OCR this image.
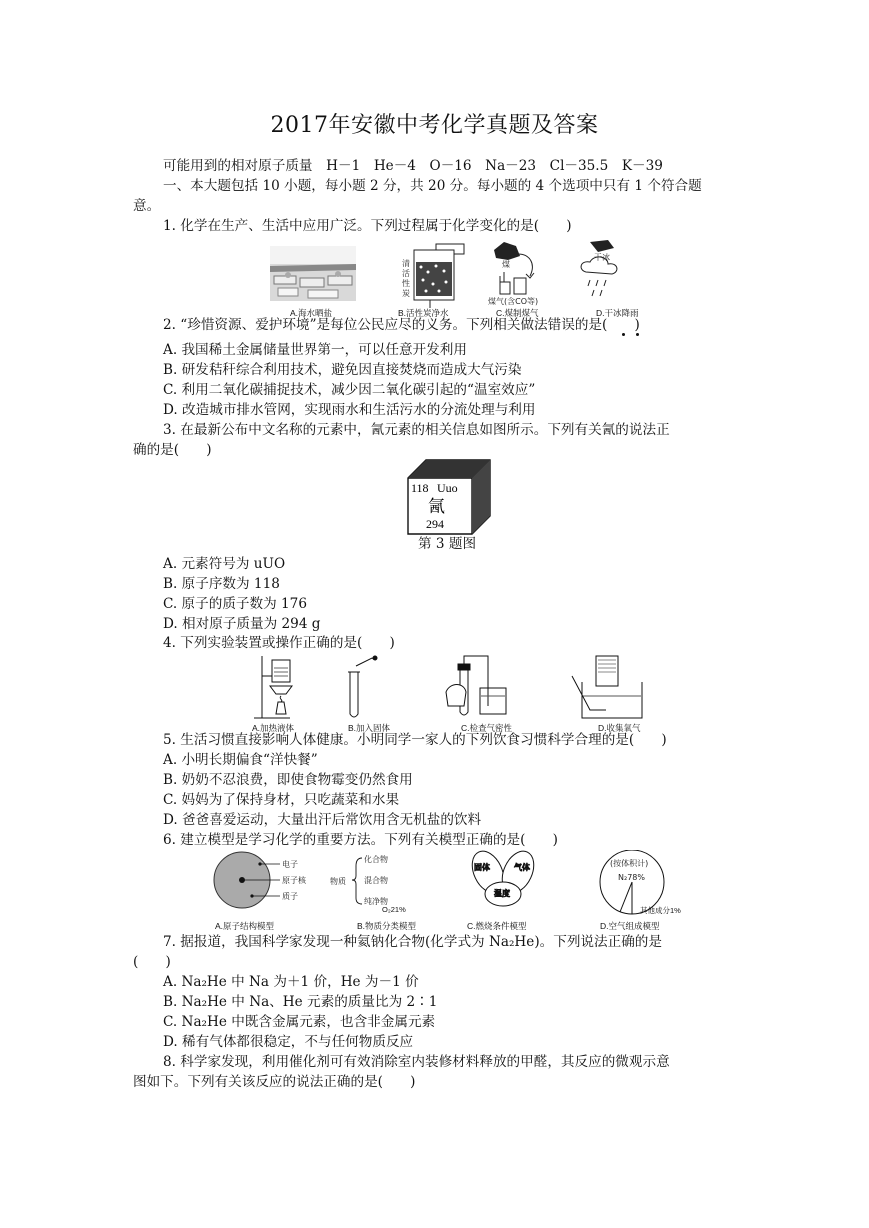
2017年安徽中考化学真题及答案
可能用到的相对原子质量　H－1　He－4　O－16　Na－23　Cl－35.5　K－39
一、本大题包括 10 小题，每小题 2 分，共 20 分。每小题的 4 个选项中只有 1 个符合题
意。
1. 化学在生产、生活中应用广泛。下列过程属于化学变化的是(　　)
清
活
性
炭
煤
煤气(含CO等)
干冰
A.海水晒盐	B.活性炭净水	C.煤制煤气	D.干冰降雨
2. “珍惜资源、爱护环境”是每位公民应尽的义务。下列相关做法错误的是(　　)
A. 我国稀土金属储量世界第一，可以任意开发利用
B. 研发秸秆综合利用技术，避免因直接焚烧而造成大气污染
C. 利用二氧化碳捕捉技术，减少因二氧化碳引起的“温室效应”
D. 改造城市排水管网，实现雨水和生活污水的分流处理与利用
3. 在最新公布中文名称的元素中，氥元素的相关信息如图所示。下列有关氥的说法正
确的是(　　)
118 Uuo
氥
294
第 3 题图
A. 元素符号为 uUO
B. 原子序数为 118
C. 原子的质子数为 176
D. 相对原子质量为 294 g
4. 下列实验装置或操作正确的是(　　)
A.加热液体	B.加入固体	C.检查气密性	D.收集氧气
5. 生活习惯直接影响人体健康。小明同学一家人的下列饮食习惯科学合理的是(　　)
A. 小明长期偏食“洋快餐”
B. 奶奶不忍浪费，即使食物霉变仍然食用
C. 妈妈为了保持身材，只吃蔬菜和水果
D. 爸爸喜爱运动，大量出汗后常饮用含无机盐的饮料
6. 建立模型是学习化学的重要方法。下列有关模型正确的是(　　)
电子
原子核
质子
物质
化合物
混合物
纯净物
固体	气体
温度
(按体积计)
N₂78%
O₂21%	其他成分1%
A.原子结构模型	B.物质分类模型	C.燃烧条件模型	D.空气组成模型
7. 据报道，我国科学家发现一种氦钠化合物(化学式为 Na₂He)。下列说法正确的是
(　　)
A. Na₂He 中 Na 为＋1 价，He 为－1 价
B. Na₂He 中 Na、He 元素的质量比为 2∶1
C. Na₂He 中既含金属元素，也含非金属元素
D. 稀有气体都很稳定，不与任何物质反应
8. 科学家发现，利用催化剂可有效消除室内装修材料释放的甲醛，其反应的微观示意
图如下。下列有关该反应的说法正确的是(　　)
